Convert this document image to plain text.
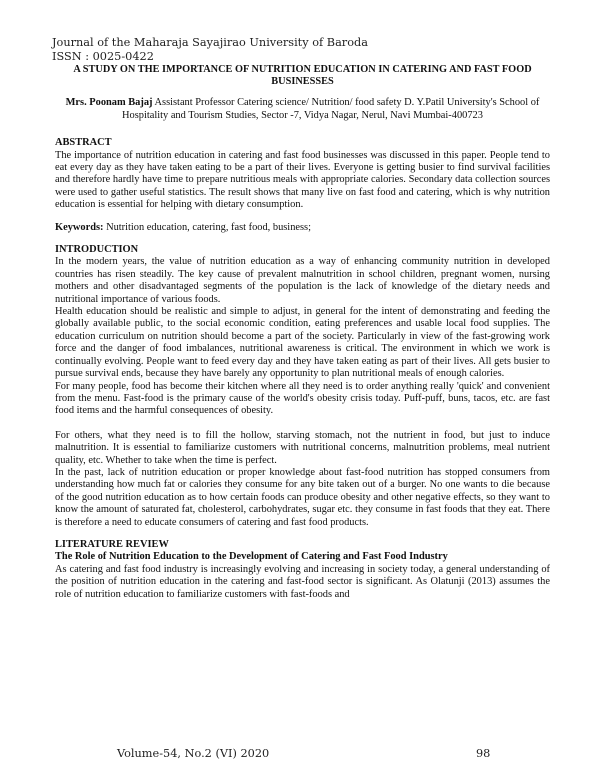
Journal of the Maharaja Sayajirao University of Baroda
ISSN : 0025-0422
A STUDY ON THE IMPORTANCE OF NUTRITION EDUCATION IN CATERING AND FAST FOOD BUSINESSES
Mrs. Poonam Bajaj Assistant Professor Catering science/ Nutrition/ food safety D. Y.Patil University's School of Hospitality and Tourism Studies, Sector -7, Vidya Nagar, Nerul, Navi Mumbai-400723
ABSTRACT

The importance of nutrition education in catering and fast food businesses was discussed in this paper. People tend to eat every day as they have taken eating to be a part of their lives. Everyone is getting busier to find survival facilities and therefore hardly have time to prepare nutritious meals with appropriate calories. Secondary data collection sources were used to gather useful statistics. The result shows that many live on fast food and catering, which is why nutrition education is essential for helping with dietary consumption.

Keywords: Nutrition education, catering, fast food, business;

INTRODUCTION

In the modern years, the value of nutrition education as a way of enhancing community nutrition in developed countries has risen steadily. The key cause of prevalent malnutrition in school children, pregnant women, nursing mothers and other disadvantaged segments of the population is the lack of knowledge of the dietary needs and nutritional importance of various foods.

Health education should be realistic and simple to adjust, in general for the intent of demonstrating and feeding the globally available public, to the social economic condition, eating preferences and usable local food supplies. The education curriculum on nutrition should become a part of the society. Particularly in view of the fast-growing work force and the danger of food imbalances, nutritional awareness is critical. The environment in which we work is continually evolving. People want to feed every day and they have taken eating as part of their lives. All gets busier to pursue survival ends, because they have barely any opportunity to plan nutritional meals of enough calories.

For many people, food has become their kitchen where all they need is to order anything really 'quick' and convenient from the menu. Fast-food is the primary cause of the world's obesity crisis today. Puff-puff, buns, tacos, etc. are fast food items and the harmful consequences of obesity.

For others, what they need is to fill the hollow, starving stomach, not the nutrient in food, but just to induce malnutrition. It is essential to familiarize customers with nutritional concerns, malnutrition problems, meal nutrient quality, etc. Whether to take when the time is perfect.

In the past, lack of nutrition education or proper knowledge about fast-food nutrition has stopped consumers from understanding how much fat or calories they consume for any bite taken out of a burger. No one wants to die because of the good nutrition education as to how certain foods can produce obesity and other negative effects, so they want to know the amount of saturated fat, cholesterol, carbohydrates, sugar etc. they consume in fast foods that they eat. There is therefore a need to educate consumers of catering and fast food products.

LITERATURE REVIEW
The Role of Nutrition Education to the Development of Catering and Fast Food Industry

As catering and fast food industry is increasingly evolving and increasing in society today, a general understanding of the position of nutrition education in the catering and fast-food sector is significant. As Olatunji (2013) assumes the role of nutrition education to familiarize customers with fast-foods and

Volume-54, No.2 (VI) 2020	98
